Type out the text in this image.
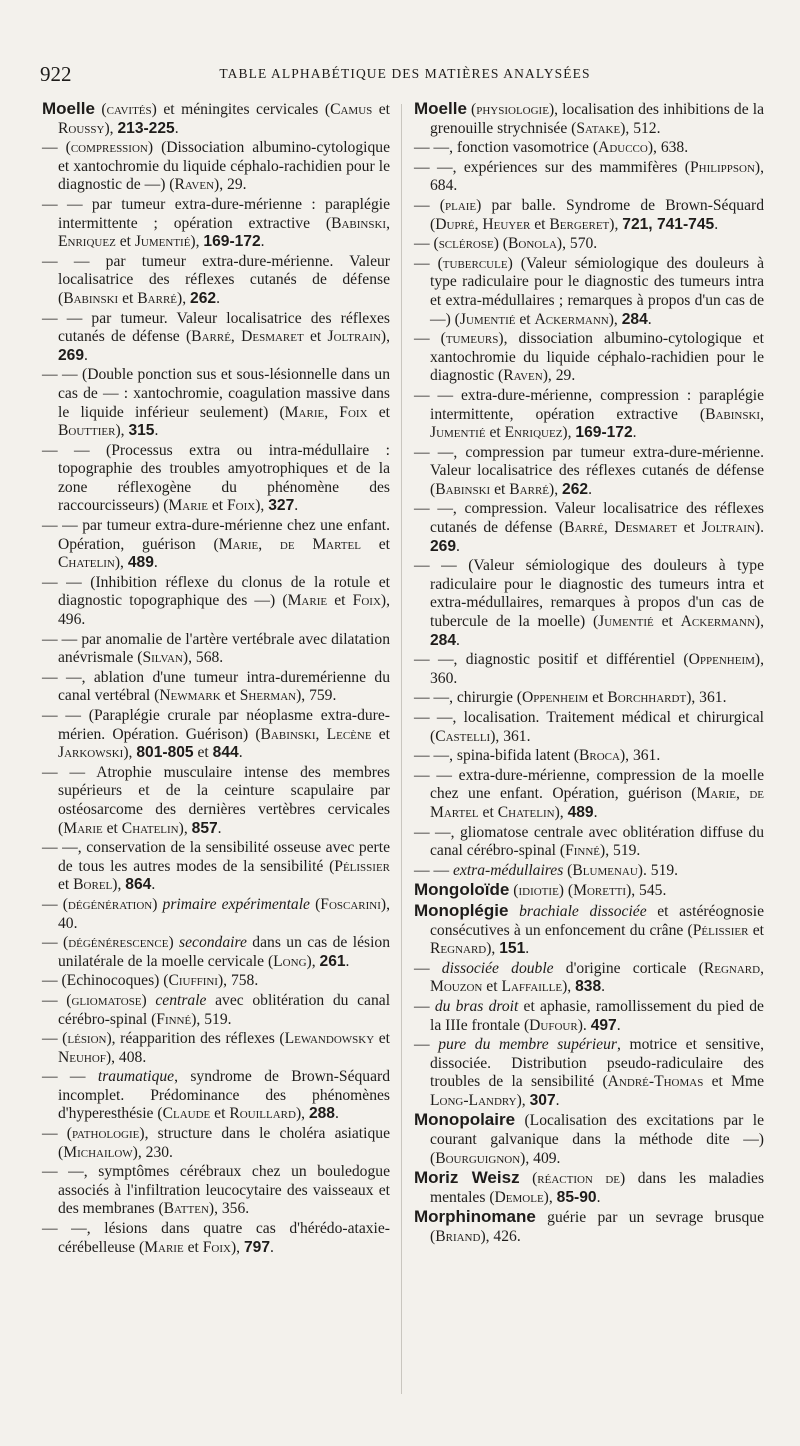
922	TABLE ALPHABÉTIQUE DES MATIÈRES ANALYSÉES
Moelle (cavités) et méningites cervicales (Camus et Roussy), 213-225.
— (compression) (Dissociation albumino-cytologique et xantochromie du liquide céphalo-rachidien pour le diagnostic de —) (Raven), 29.
— — par tumeur extra-dure-mérienne : paraplégie intermittente ; opération extractive (Babinski, Enriquez et Jumentié), 169-172.
— — par tumeur extra-dure-mérienne. Valeur localisatrice des réflexes cutanés de défense (Babinski et Barré), 262.
— — par tumeur. Valeur localisatrice des réflexes cutanés de défense (Barré, Desmaret et Joltrain), 269.
— — (Double ponction sus et sous-lésionnelle dans un cas de — : xantochromie, coagulation massive dans le liquide inférieur seulement) (Marie, Foix et Bouttier), 315.
— — (Processus extra ou intra-médullaire : topographie des troubles amyotrophiques et de la zone réflexogène du phénomène des raccourcisseurs) (Marie et Foix), 327.
— — par tumeur extra-dure-mérienne chez une enfant. Opération, guérison (Marie, de Martel et Chatelin), 489.
— — (Inhibition réflexe du clonus de la rotule et diagnostic topographique des —) (Marie et Foix), 496.
— — par anomalie de l'artère vertébrale avec dilatation anévrismale (Silvan), 568.
— —, ablation d'une tumeur intra-duremérienne du canal vertébral (Newmark et Sherman), 759.
— — (Paraplégie crurale par néoplasme extra-dure-mérien. Opération. Guérison) (Babinski, Lecène et Jarkowski), 801-805 et 844.
— — Atrophie musculaire intense des membres supérieurs et de la ceinture scapulaire par ostéosarcome des dernières vertèbres cervicales (Marie et Chatelin), 857.
— —, conservation de la sensibilité osseuse avec perte de tous les autres modes de la sensibilité (Pélissier et Borel), 864.
— (dégénération) primaire expérimentale (Foscarini), 40.
— (dégénérescence) secondaire dans un cas de lésion unilatérale de la moelle cervicale (Long), 261.
— (Echinocoques) (Ciuffini), 758.
— (gliomatose) centrale avec oblitération du canal cérébro-spinal (Finné), 519.
— (lésion), réapparition des réflexes (Lewandowsky et Neuhof), 408.
— — traumatique, syndrome de Brown-Séquard incomplet. Prédominance des phénomènes d'hyperesthésie (Claude et Rouillard), 288.
— (pathologie), structure dans le choléra asiatique (Michailow), 230.
— —, symptômes cérébraux chez un bouledogue associés à l'infiltration leucocytaire des vaisseaux et des membranes (Batten), 356.
— —, lésions dans quatre cas d'hérédo-ataxie-cérébelleuse (Marie et Foix), 797.
Moelle (physiologie), localisation des inhibitions de la grenouille strychnisée (Satake), 512.
— —, fonction vasomotrice (Aducco), 638.
— —, expériences sur des mammifères (Philippson), 684.
— (plaie) par balle. Syndrome de Brown-Séquard (Dupré, Heuyer et Bergeret), 721, 741-745.
— (sclérose) (Bonola), 570.
— (tubercule) (Valeur sémiologique des douleurs à type radiculaire pour le diagnostic des tumeurs intra et extra-médullaires ; remarques à propos d'un cas de —) (Jumentié et Ackermann), 284.
— (tumeurs), dissociation albumino-cytologique et xantochromie du liquide céphalo-rachidien pour le diagnostic (Raven), 29.
— — extra-dure-mérienne, compression : paraplégie intermittente, opération extractive (Babinski, Jumentié et Enriquez), 169-172.
— —, compression par tumeur extra-dure-mérienne. Valeur localisatrice des réflexes cutanés de défense (Babinski et Barré), 262.
— —, compression. Valeur localisatrice des réflexes cutanés de défense (Barré, Desmaret et Joltrain). 269.
— — (Valeur sémiologique des douleurs à type radiculaire pour le diagnostic des tumeurs intra et extra-médullaires, remarques à propos d'un cas de tubercule de la moelle) (Jumentié et Ackermann), 284.
— —, diagnostic positif et différentiel (Oppenheim), 360.
— —, chirurgie (Oppenheim et Borchhardt), 361.
— —, localisation. Traitement médical et chirurgical (Castelli), 361.
— —, spina-bifida latent (Broca), 361.
— — extra-dure-mérienne, compression de la moelle chez une enfant. Opération, guérison (Marie, de Martel et Chatelin), 489.
— —, gliomatose centrale avec oblitération diffuse du canal cérébro-spinal (Finné), 519.
— — extra-médullaires (Blumenau). 519.
Mongoloïde (idiotie) (Moretti), 545.
Monoplégie brachiale dissociée et astéréognosie consécutives à un enfoncement du crâne (Pélissier et Regnard), 151.
— dissociée double d'origine corticale (Regnard, Mouzon et Laffaille), 838.
— du bras droit et aphasie, ramollissement du pied de la IIIe frontale (Dufour). 497.
— pure du membre supérieur, motrice et sensitive, dissociée. Distribution pseudo-radiculaire des troubles de la sensibilité (André-Thomas et Mme Long-Landry), 307.
Monopolaire (Localisation des excitations par le courant galvanique dans la méthode dite —) (Bourguignon), 409.
Moriz Weisz (réaction de) dans les maladies mentales (Demole), 85-90.
Morphinomane guérie par un sevrage brusque (Briand), 426.
